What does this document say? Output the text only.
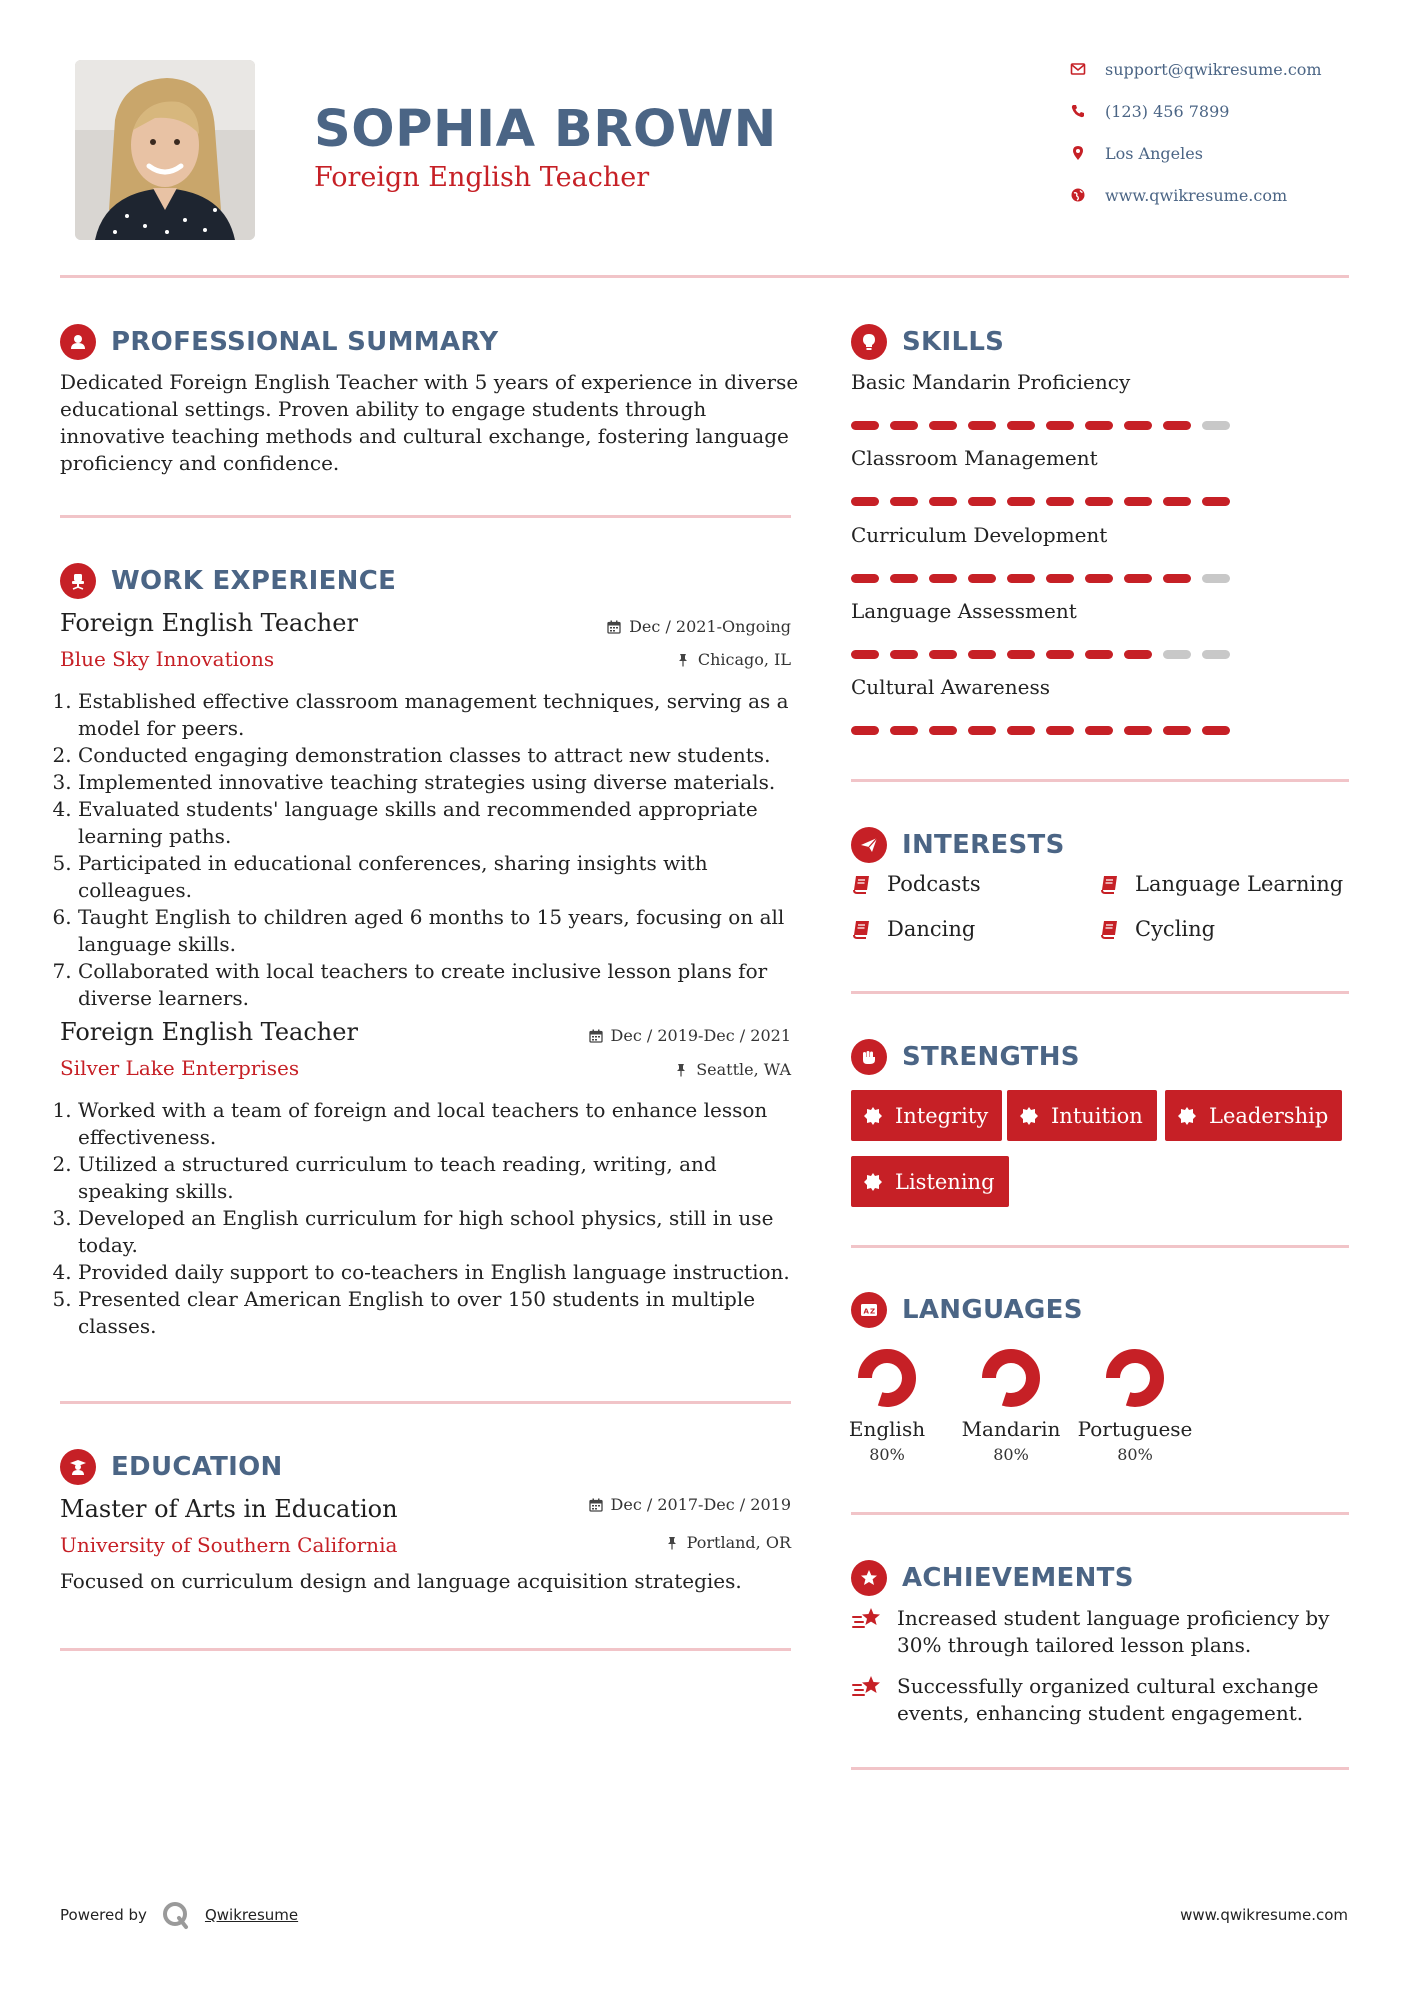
SOPHIA BROWN
Foreign English Teacher
support@qwikresume.com
(123) 456 7899
Los Angeles
www.qwikresume.com
PROFESSIONAL SUMMARY
Dedicated Foreign English Teacher with 5 years of experience in diverse educational settings. Proven ability to engage students through innovative teaching methods and cultural exchange, fostering language proficiency and confidence.
WORK EXPERIENCE
Foreign English Teacher
Blue Sky Innovations
Dec / 2021-Ongoing
Chicago, IL
1. Established effective classroom management techniques, serving as a model for peers.
2. Conducted engaging demonstration classes to attract new students.
3. Implemented innovative teaching strategies using diverse materials.
4. Evaluated students' language skills and recommended appropriate learning paths.
5. Participated in educational conferences, sharing insights with colleagues.
6. Taught English to children aged 6 months to 15 years, focusing on all language skills.
7. Collaborated with local teachers to create inclusive lesson plans for diverse learners.
Foreign English Teacher
Silver Lake Enterprises
Dec / 2019-Dec / 2021
Seattle, WA
1. Worked with a team of foreign and local teachers to enhance lesson effectiveness.
2. Utilized a structured curriculum to teach reading, writing, and speaking skills.
3. Developed an English curriculum for high school physics, still in use today.
4. Provided daily support to co-teachers in English language instruction.
5. Presented clear American English to over 150 students in multiple classes.
EDUCATION
Master of Arts in Education
University of Southern California
Dec / 2017-Dec / 2019
Portland, OR
Focused on curriculum design and language acquisition strategies.
SKILLS
Basic Mandarin Proficiency
Classroom Management
Curriculum Development
Language Assessment
Cultural Awareness
INTERESTS
Podcasts	Language Learning
Dancing	Cycling
STRENGTHS
Integrity	Intuition	Leadership
Listening
A Z LANGUAGES
English
80%
Mandarin
80%
Portuguese
80%
ACHIEVEMENTS
Increased student language proficiency by 30% through tailored lesson plans.
Successfully organized cultural exchange events, enhancing student engagement.
Powered by	Qwikresume	www.qwikresume.com
